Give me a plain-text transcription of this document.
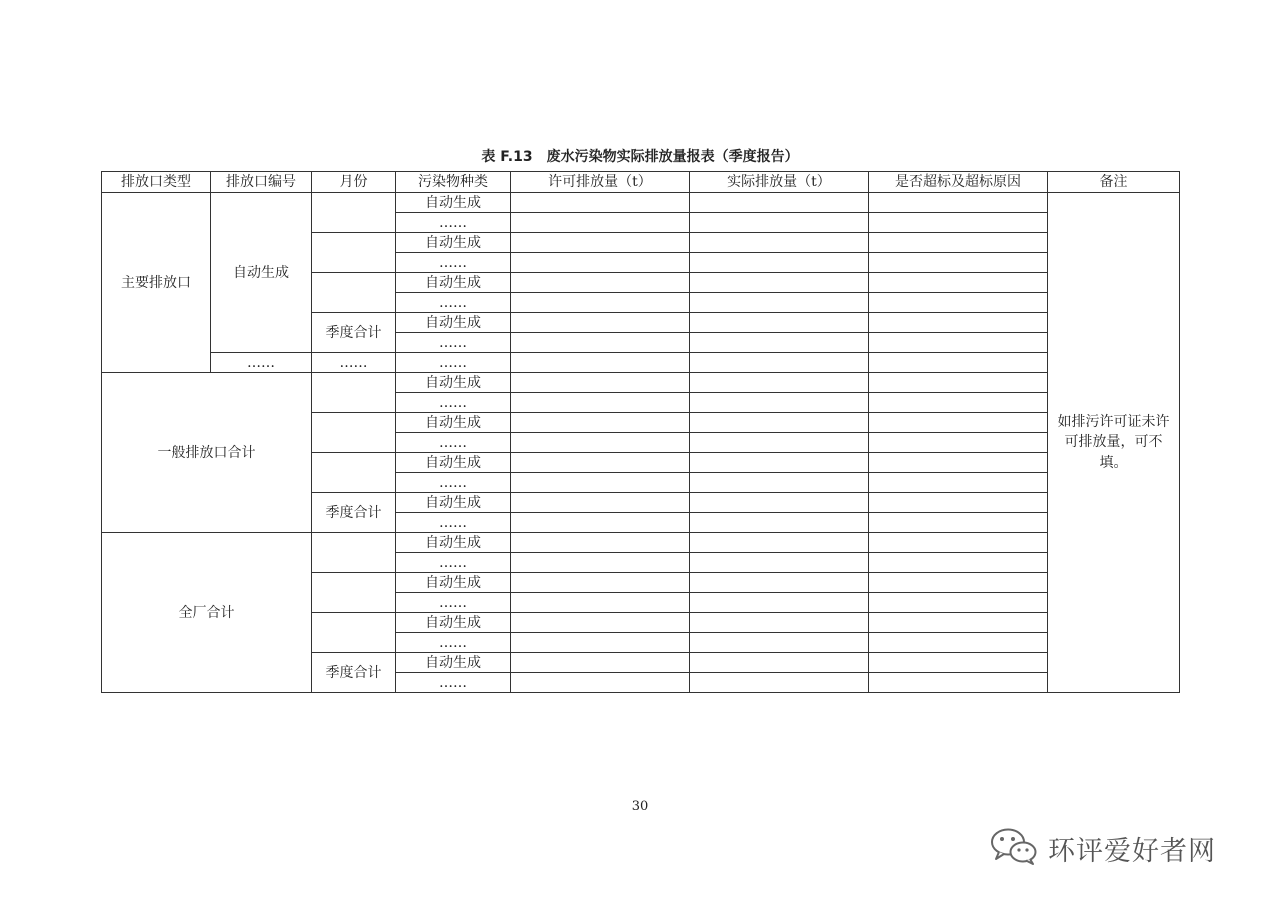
表 F.13　废水污染物实际排放量报表（季度报告）
排放口类型	排放口编号	月份	污染物种类	许可排放量（t）	实际排放量（t）	是否超标及超标原因	备注
主要排放口	自动生成		自动生成				如排污许可证未许可排放量，可不填。
			……				
			自动生成				
			……				
			自动生成				
			……				
		季度合计	自动生成				
			……				
	……	……	……				
一般排放口合计			自动生成				
			……				
			自动生成				
			……				
			自动生成				
			……				
		季度合计	自动生成				
			……				
全厂合计			自动生成				
			……				
			自动生成				
			……				
			自动生成				
			……				
		季度合计	自动生成				
			……				
30
环评爱好者网
